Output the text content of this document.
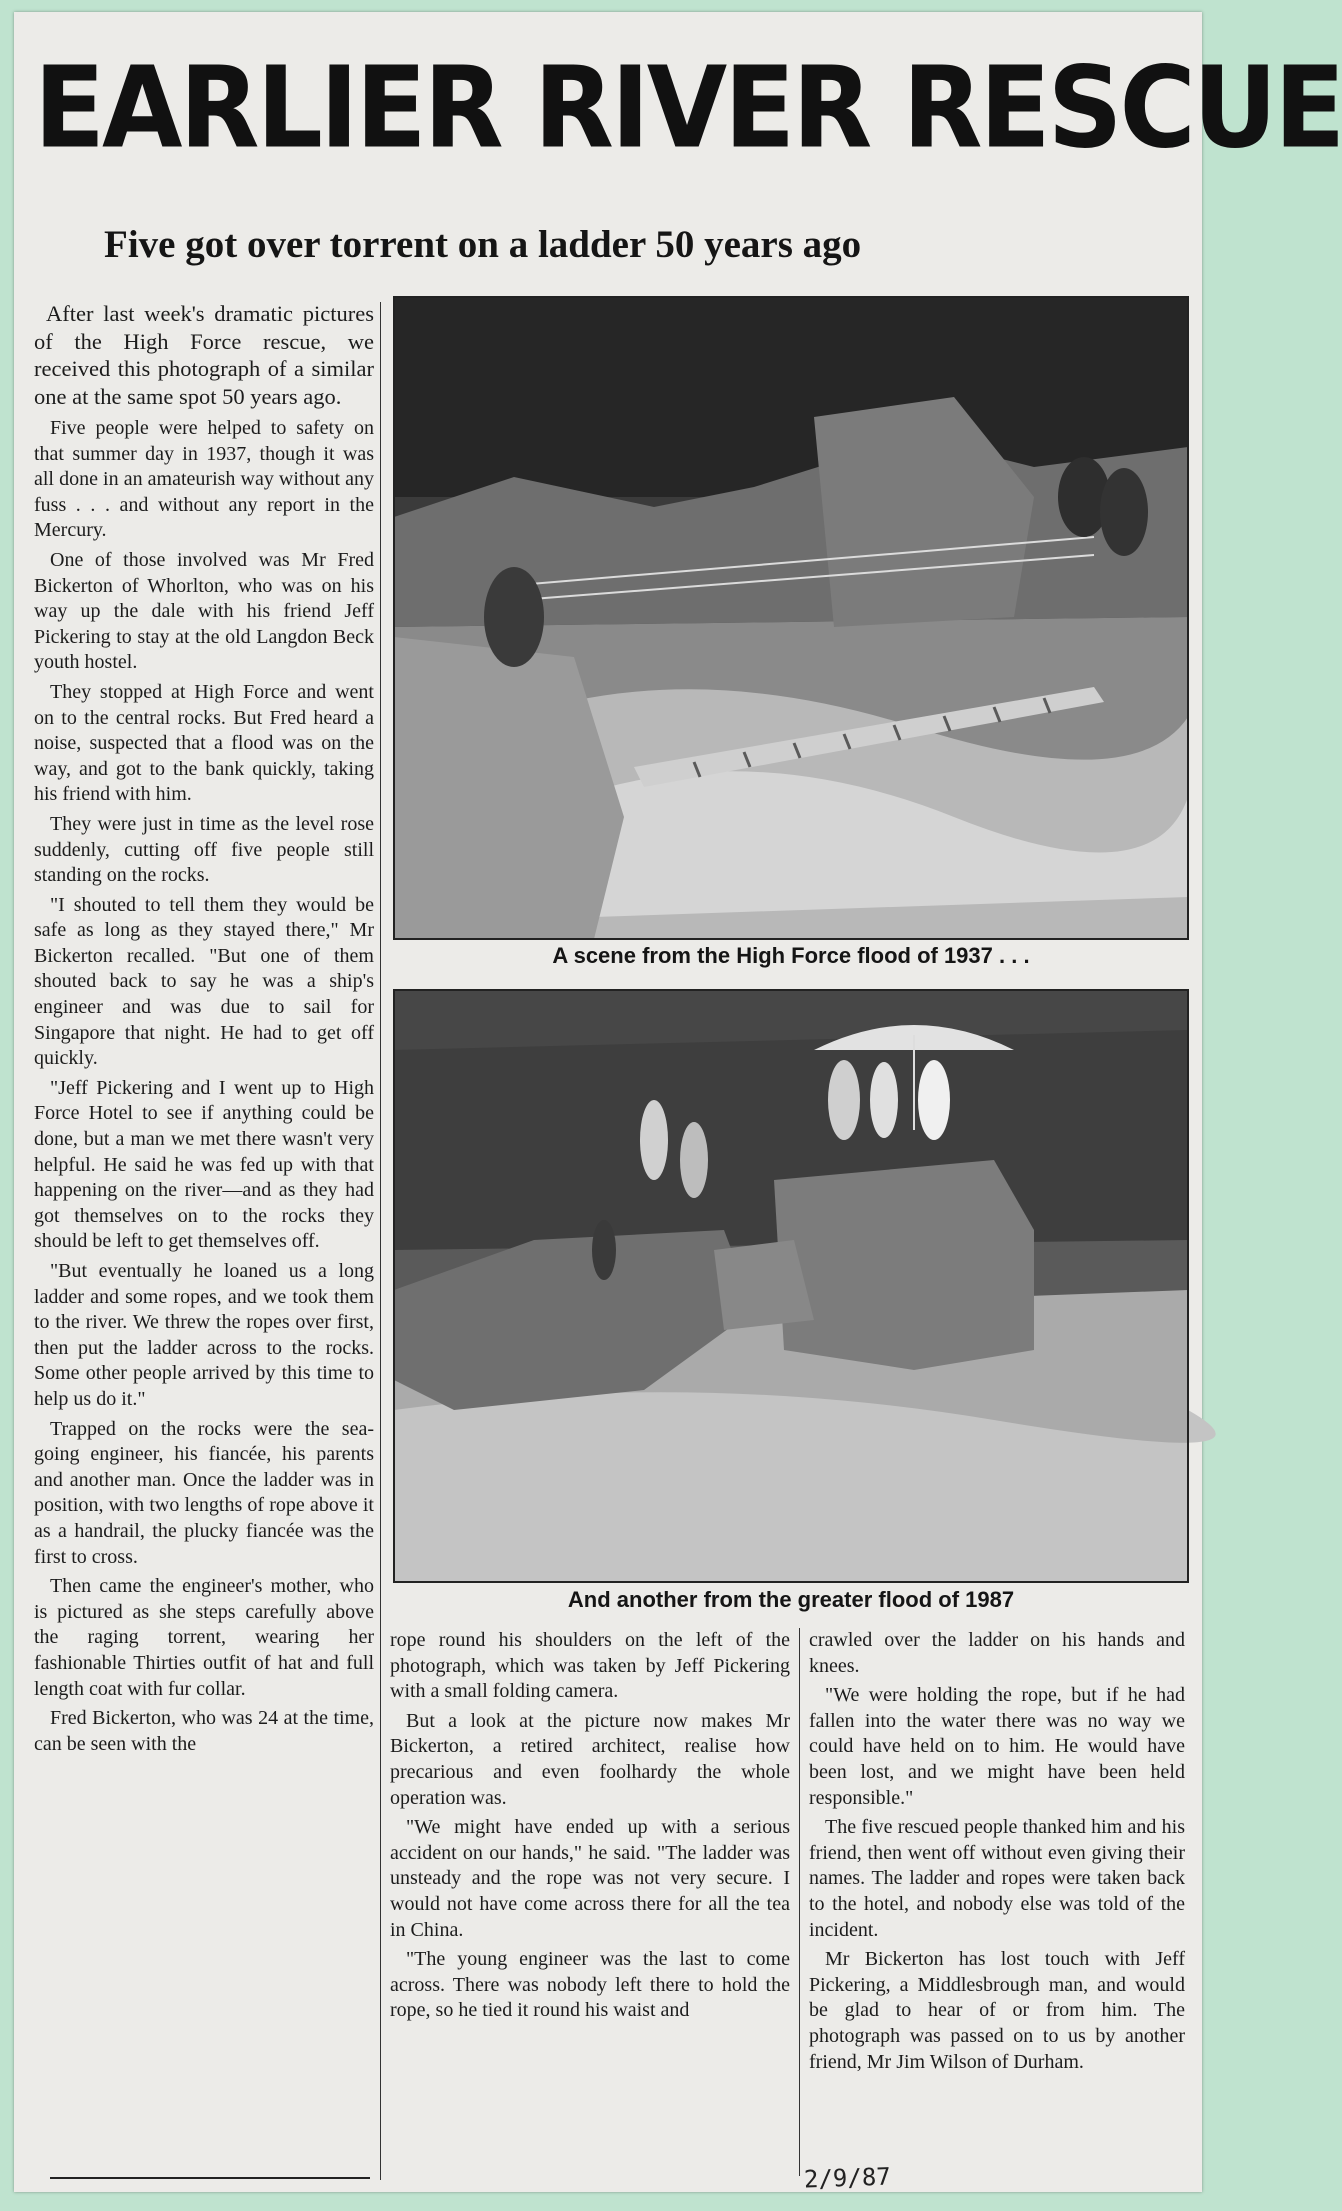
EARLIER RIVER RESCUE
Five got over torrent on a ladder 50 years ago

After last week's dramatic pictures of the High Force rescue, we received this photograph of a similar one at the same spot 50 years ago.

Five people were helped to safety on that summer day in 1937, though it was all done in an amateurish way without any fuss . . . and without any report in the Mercury.

One of those involved was Mr Fred Bickerton of Whorlton, who was on his way up the dale with his friend Jeff Pickering to stay at the old Langdon Beck youth hostel.

They stopped at High Force and went on to the central rocks. But Fred heard a noise, suspected that a flood was on the way, and got to the bank quickly, taking his friend with him.

They were just in time as the level rose suddenly, cutting off five people still standing on the rocks.

"I shouted to tell them they would be safe as long as they stayed there," Mr Bickerton recalled. "But one of them shouted back to say he was a ship's engineer and was due to sail for Singapore that night. He had to get off quickly.

"Jeff Pickering and I went up to High Force Hotel to see if anything could be done, but a man we met there wasn't very helpful. He said he was fed up with that happening on the river—and as they had got themselves on to the rocks they should be left to get themselves off.

"But eventually he loaned us a long ladder and some ropes, and we took them to the river. We threw the ropes over first, then put the ladder across to the rocks. Some other people arrived by this time to help us do it."

Trapped on the rocks were the sea-going engineer, his fiancée, his parents and another man. Once the ladder was in position, with two lengths of rope above it as a handrail, the plucky fiancée was the first to cross.

Then came the engineer's mother, who is pictured as she steps carefully above the raging torrent, wearing her fashionable Thirties outfit of hat and full length coat with fur collar.

Fred Bickerton, who was 24 at the time, can be seen with the

A scene from the High Force flood of 1937 . . .
And another from the greater flood of 1987

rope round his shoulders on the left of the photograph, which was taken by Jeff Pickering with a small folding camera.

But a look at the picture now makes Mr Bickerton, a retired architect, realise how precarious and even foolhardy the whole operation was.

"We might have ended up with a serious accident on our hands," he said. "The ladder was unsteady and the rope was not very secure. I would not have come across there for all the tea in China.

"The young engineer was the last to come across. There was nobody left there to hold the rope, so he tied it round his waist and

crawled over the ladder on his hands and knees.

"We were holding the rope, but if he had fallen into the water there was no way we could have held on to him. He would have been lost, and we might have been held responsible."

The five rescued people thanked him and his friend, then went off without even giving their names. The ladder and ropes were taken back to the hotel, and nobody else was told of the incident.

Mr Bickerton has lost touch with Jeff Pickering, a Middlesbrough man, and would be glad to hear of or from him. The photograph was passed on to us by another friend, Mr Jim Wilson of Durham.

2/9/87
